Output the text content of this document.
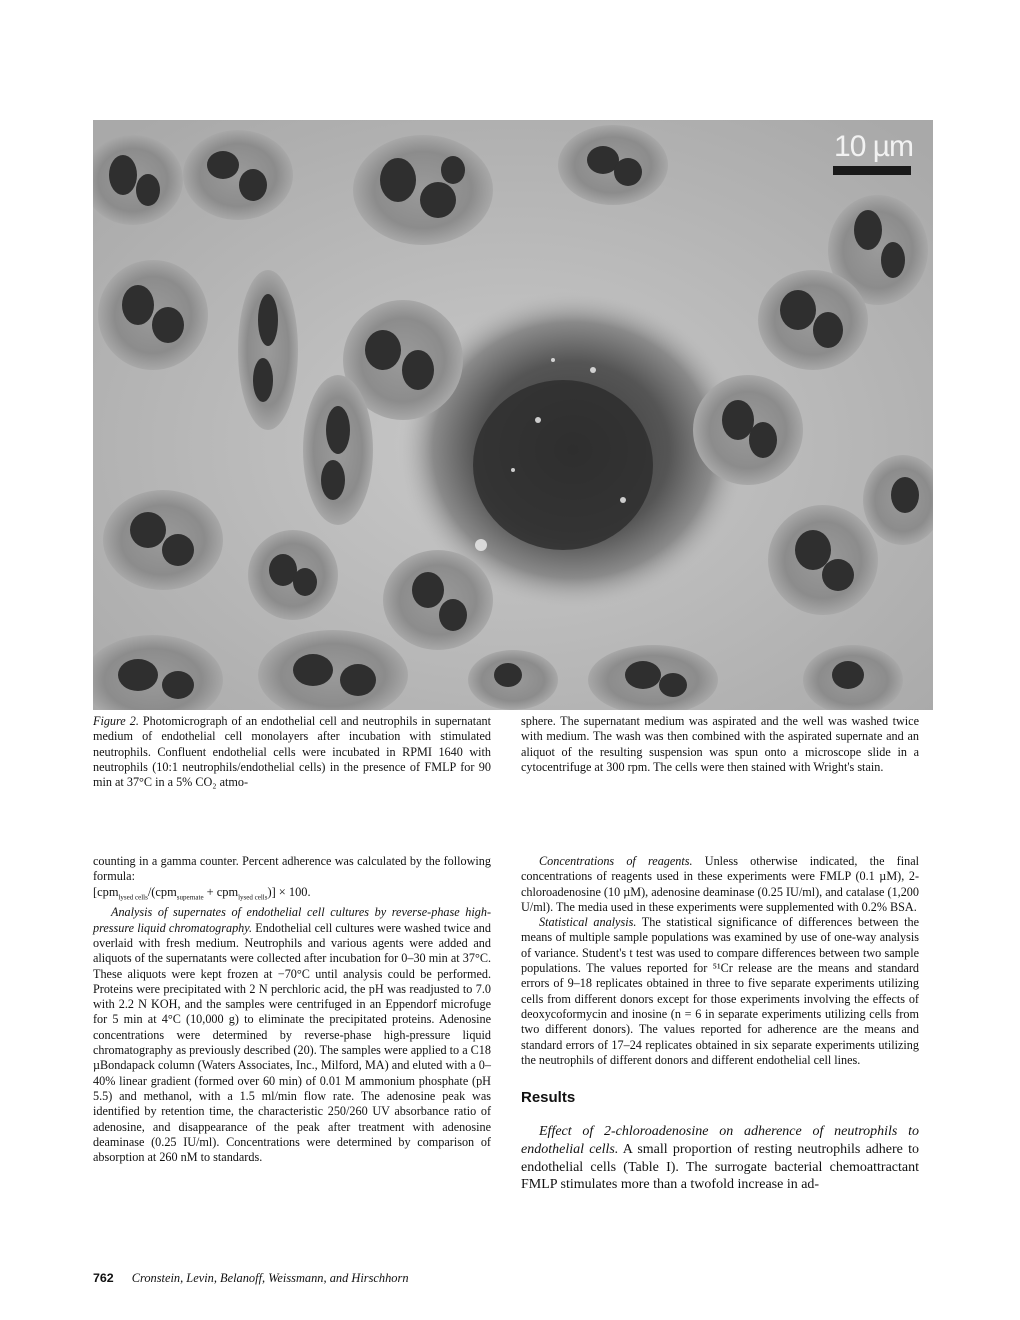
10 µm

Figure 2. Photomicrograph of an endothelial cell and neutrophils in supernatant medium of endothelial cell monolayers after incubation with stimulated neutrophils. Confluent endothelial cells were incubated in RPMI 1640 with neutrophils (10:1 neutrophils/endothelial cells) in the presence of FMLP for 90 min at 37°C in a 5% CO₂ atmo-

sphere. The supernatant medium was aspirated and the well was washed twice with medium. The wash was then combined with the aspirated supernate and an aliquot of the resulting suspension was spun onto a microscope slide in a cytocentrifuge at 300 rpm. The cells were then stained with Wright's stain.

counting in a gamma counter. Percent adherence was calculated by the following formula:

[cpm$_{lysed cells}$/(cpm$_{supernate}$ + cpm$_{lysed cells}$)] × 100.

Analysis of supernates of endothelial cell cultures by reverse-phase high-pressure liquid chromatography. Endothelial cell cultures were washed twice and overlaid with fresh medium. Neutrophils and various agents were added and aliquots of the supernatants were collected after incubation for 0–30 min at 37°C. These aliquots were kept frozen at −70°C until analysis could be performed. Proteins were precipitated with 2 N perchloric acid, the pH was readjusted to 7.0 with 2.2 N KOH, and the samples were centrifuged in an Eppendorf microfuge for 5 min at 4°C (10,000 g) to eliminate the precipitated proteins. Adenosine concentrations were determined by reverse-phase high-pressure liquid chromatography as previously described (20). The samples were applied to a C18 µBondapack column (Waters Associates, Inc., Milford, MA) and eluted with a 0–40% linear gradient (formed over 60 min) of 0.01 M ammonium phosphate (pH 5.5) and methanol, with a 1.5 ml/min flow rate. The adenosine peak was identified by retention time, the characteristic 250/260 UV absorbance ratio of adenosine, and disappearance of the peak after treatment with adenosine deaminase (0.25 IU/ml). Concentrations were determined by comparison of absorption at 260 nM to standards.

Concentrations of reagents. Unless otherwise indicated, the final concentrations of reagents used in these experiments were FMLP (0.1 µM), 2-chloroadenosine (10 µM), adenosine deaminase (0.25 IU/ml), and catalase (1,200 U/ml). The media used in these experiments were supplemented with 0.2% BSA.

Statistical analysis. The statistical significance of differences between the means of multiple sample populations was examined by use of one-way analysis of variance. Student's t test was used to compare differences between two sample populations. The values reported for ⁵¹Cr release are the means and standard errors of 9–18 replicates obtained in three to five separate experiments utilizing cells from different donors except for those experiments involving the effects of deoxycoformycin and inosine (n = 6 in separate experiments utilizing cells from two different donors). The values reported for adherence are the means and standard errors of 17–24 replicates obtained in six separate experiments utilizing the neutrophils of different donors and different endothelial cell lines.

Results

Effect of 2-chloroadenosine on adherence of neutrophils to endothelial cells. A small proportion of resting neutrophils adhere to endothelial cells (Table I). The surrogate bacterial chemoattractant FMLP stimulates more than a twofold increase in ad-

762 Cronstein, Levin, Belanoff, Weissmann, and Hirschhorn
